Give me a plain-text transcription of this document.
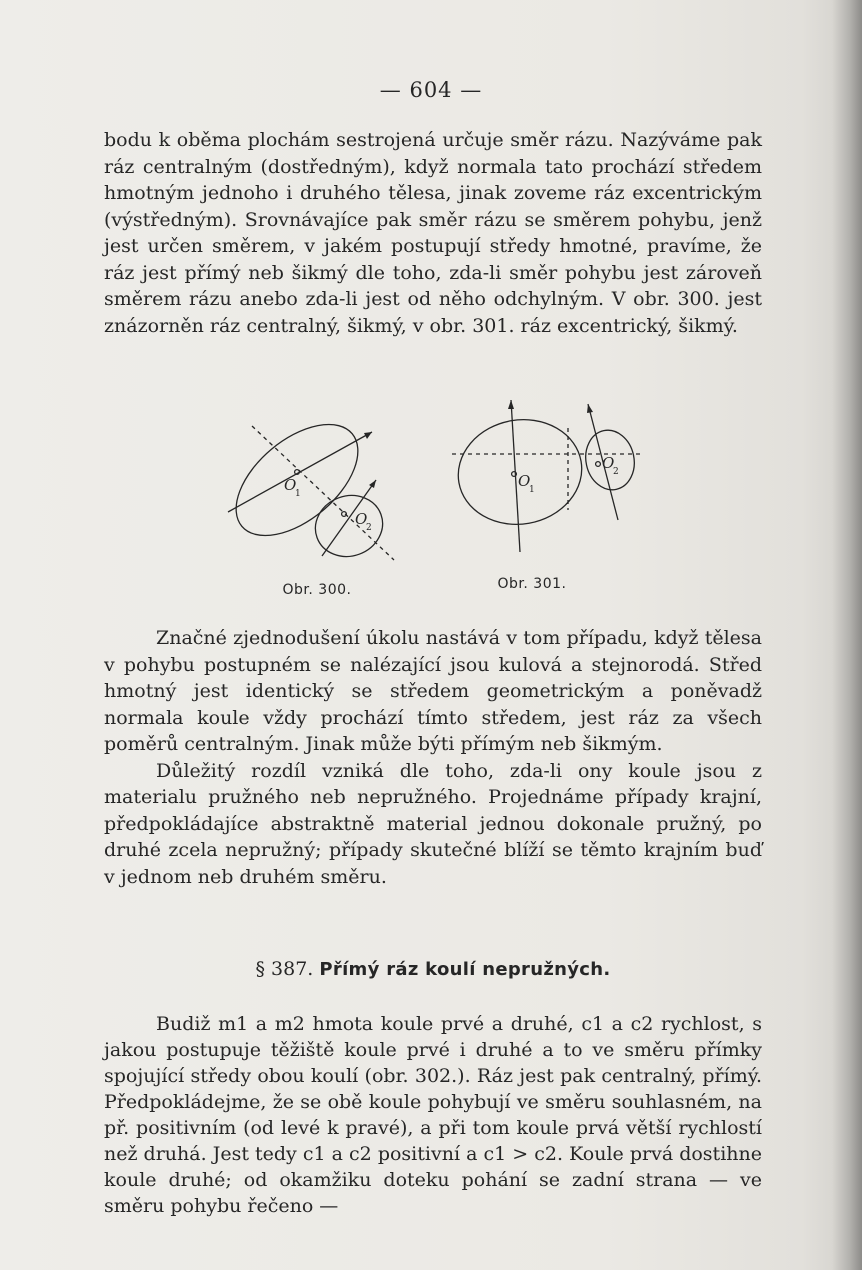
— 604 —

bodu k oběma plochám sestrojená určuje směr rázu. Nazýváme pak ráz centralným (dostředným), když normala tato prochází středem hmotným jednoho i druhého tělesa, jinak zoveme ráz excentrickým (výstředným). Srovnávajíce pak směr rázu se směrem pohybu, jenž jest určen směrem, v jakém postupují středy hmotné, pravíme, že ráz jest přímý neb šikmý dle toho, zda-li směr pohybu jest zároveň směrem rázu anebo zda-li jest od něho odchylným. V obr. 300. jest znázorněn ráz centralný, šikmý, v obr. 301. ráz excentrický, šikmý.

O
1
O
2
Obr. 300.
O
1
O
2
Obr. 301.

Značné zjednodušení úkolu nastává v tom případu, když tělesa v pohybu postupném se nalézající jsou kulová a stejnorodá. Střed hmotný jest identický se středem geometrickým a poněvadž normala koule vždy prochází tímto středem, jest ráz za všech poměrů centralným. Jinak může býti přímým neb šikmým.

Důležitý rozdíl vzniká dle toho, zda-li ony koule jsou z materialu pružného neb nepružného. Projednáme případy krajní, předpokládajíce abstraktně material jednou dokonale pružný, po druhé zcela nepružný; případy skutečné blíží se těmto krajním buď v jednom neb druhém směru.

§ 387. Přímý ráz koulí nepružných.

Budiž m1 a m2 hmota koule prvé a druhé, c1 a c2 rychlost, s jakou postupuje těžiště koule prvé i druhé a to ve směru přímky spojující středy obou koulí (obr. 302.). Ráz jest pak centralný, přímý. Předpokládejme, že se obě koule pohybují ve směru souhlasném, na př. positivním (od levé k pravé), a při tom koule prvá větší rychlostí než druhá. Jest tedy c1 a c2 positivní a c1 > c2. Koule prvá dostihne koule druhé; od okamžiku doteku pohání se zadní strana — ve směru pohybu řečeno —
